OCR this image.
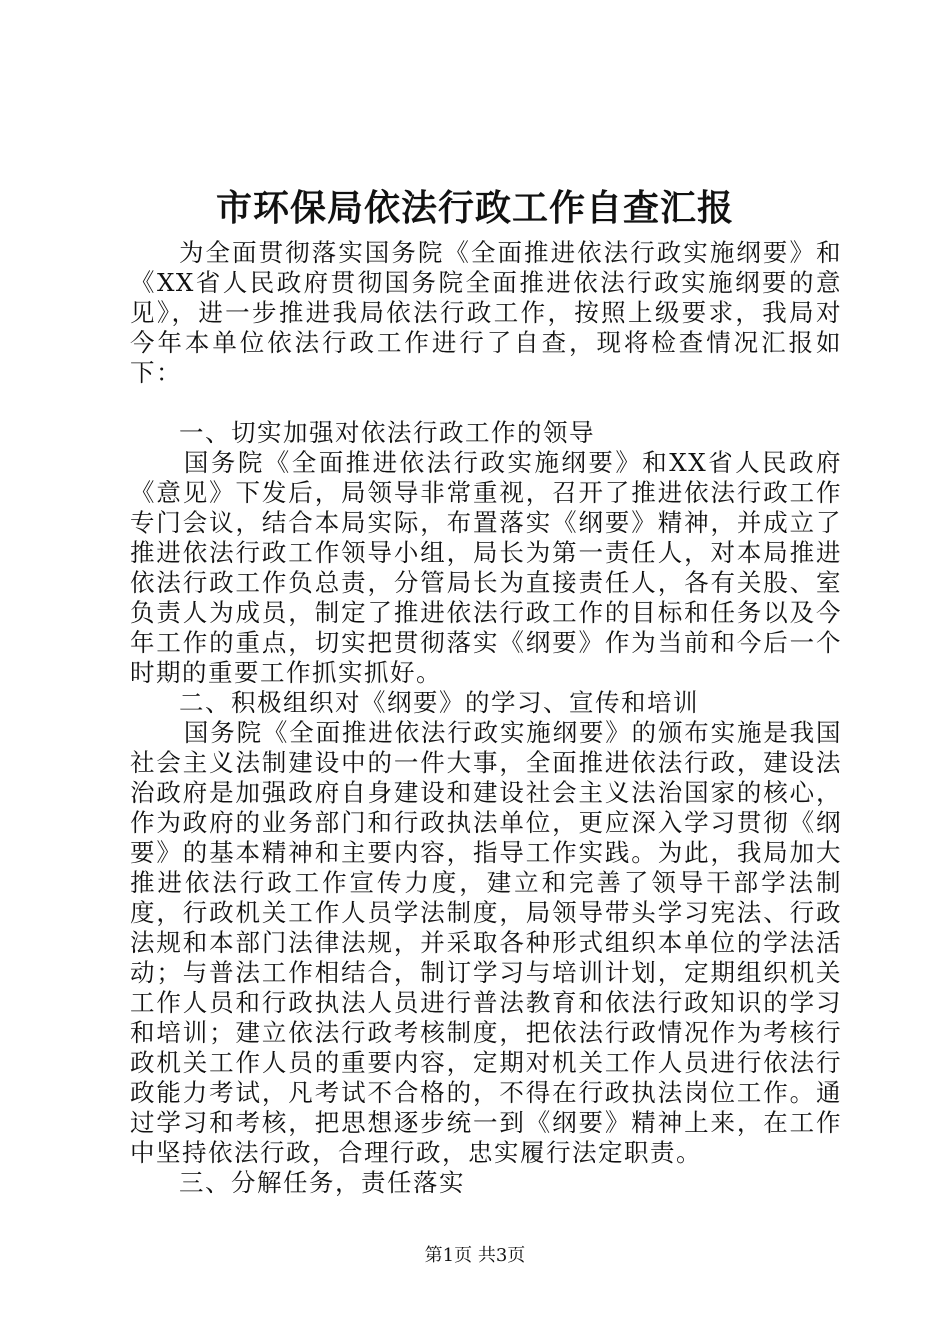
市环保局依法行政工作自查汇报

为全面贯彻落实国务院《全面推进依法行政实施纲要》和《XX省人民政府贯彻国务院全面推进依法行政实施纲要的意见》，进一步推进我局依法行政工作，按照上级要求，我局对今年本单位依法行政工作进行了自查，现将检查情况汇报如下：

一、切实加强对依法行政工作的领导

国务院《全面推进依法行政实施纲要》和XX省人民政府《意见》下发后，局领导非常重视，召开了推进依法行政工作专门会议，结合本局实际，布置落实《纲要》精神，并成立了推进依法行政工作领导小组，局长为第一责任人，对本局推进依法行政工作负总责，分管局长为直接责任人，各有关股、室负责人为成员，制定了推进依法行政工作的目标和任务以及今年工作的重点，切实把贯彻落实《纲要》作为当前和今后一个时期的重要工作抓实抓好。

二、积极组织对《纲要》的学习、宣传和培训

国务院《全面推进依法行政实施纲要》的颁布实施是我国社会主义法制建设中的一件大事，全面推进依法行政，建设法治政府是加强政府自身建设和建设社会主义法治国家的核心，作为政府的业务部门和行政执法单位，更应深入学习贯彻《纲要》的基本精神和主要内容，指导工作实践。为此，我局加大推进依法行政工作宣传力度，建立和完善了领导干部学法制度，行政机关工作人员学法制度，局领导带头学习宪法、行政法规和本部门法律法规，并采取各种形式组织本单位的学法活动；与普法工作相结合，制订学习与培训计划，定期组织机关工作人员和行政执法人员进行普法教育和依法行政知识的学习和培训；建立依法行政考核制度，把依法行政情况作为考核行政机关工作人员的重要内容，定期对机关工作人员进行依法行政能力考试，凡考试不合格的，不得在行政执法岗位工作。通过学习和考核，把思想逐步统一到《纲要》精神上来，在工作中坚持依法行政，合理行政，忠实履行法定职责。

三、分解任务，责任落实

第1页 共3页
